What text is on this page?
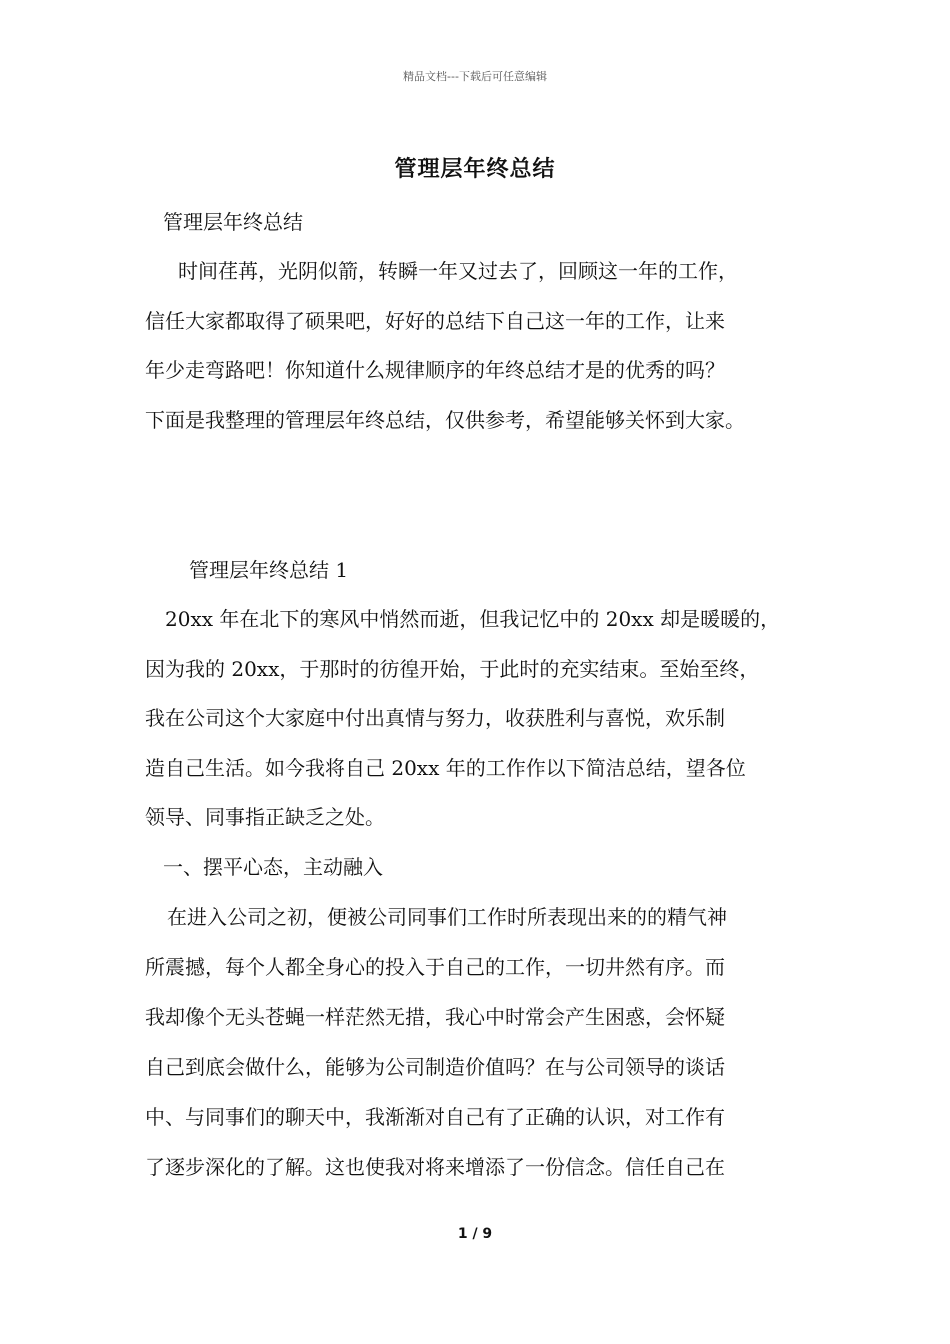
精品文档---下载后可任意编辑
管理层年终总结
管理层年终总结
时间荏苒，光阴似箭，转瞬一年又过去了，回顾这一年的工作，
信任大家都取得了硕果吧，好好的总结下自己这一年的工作，让来
年少走弯路吧！你知道什么规律顺序的年终总结才是的优秀的吗？
下面是我整理的管理层年终总结，仅供参考，希望能够关怀到大家。
管理层年终总结 1
20xx 年在北下的寒风中悄然而逝，但我记忆中的 20xx 却是暖暖的，
因为我的 20xx，于那时的彷徨开始，于此时的充实结束。至始至终，
我在公司这个大家庭中付出真情与努力，收获胜利与喜悦，欢乐制
造自己生活。如今我将自己 20xx 年的工作作以下简洁总结，望各位
领导、同事指正缺乏之处。
一、摆平心态，主动融入
在进入公司之初，便被公司同事们工作时所表现出来的的精气神
所震撼，每个人都全身心的投入于自己的工作，一切井然有序。而
我却像个无头苍蝇一样茫然无措，我心中时常会产生困惑，会怀疑
自己到底会做什么，能够为公司制造价值吗？在与公司领导的谈话
中、与同事们的聊天中，我渐渐对自己有了正确的认识，对工作有
了逐步深化的了解。这也使我对将来增添了一份信念。信任自己在
1 / 9
